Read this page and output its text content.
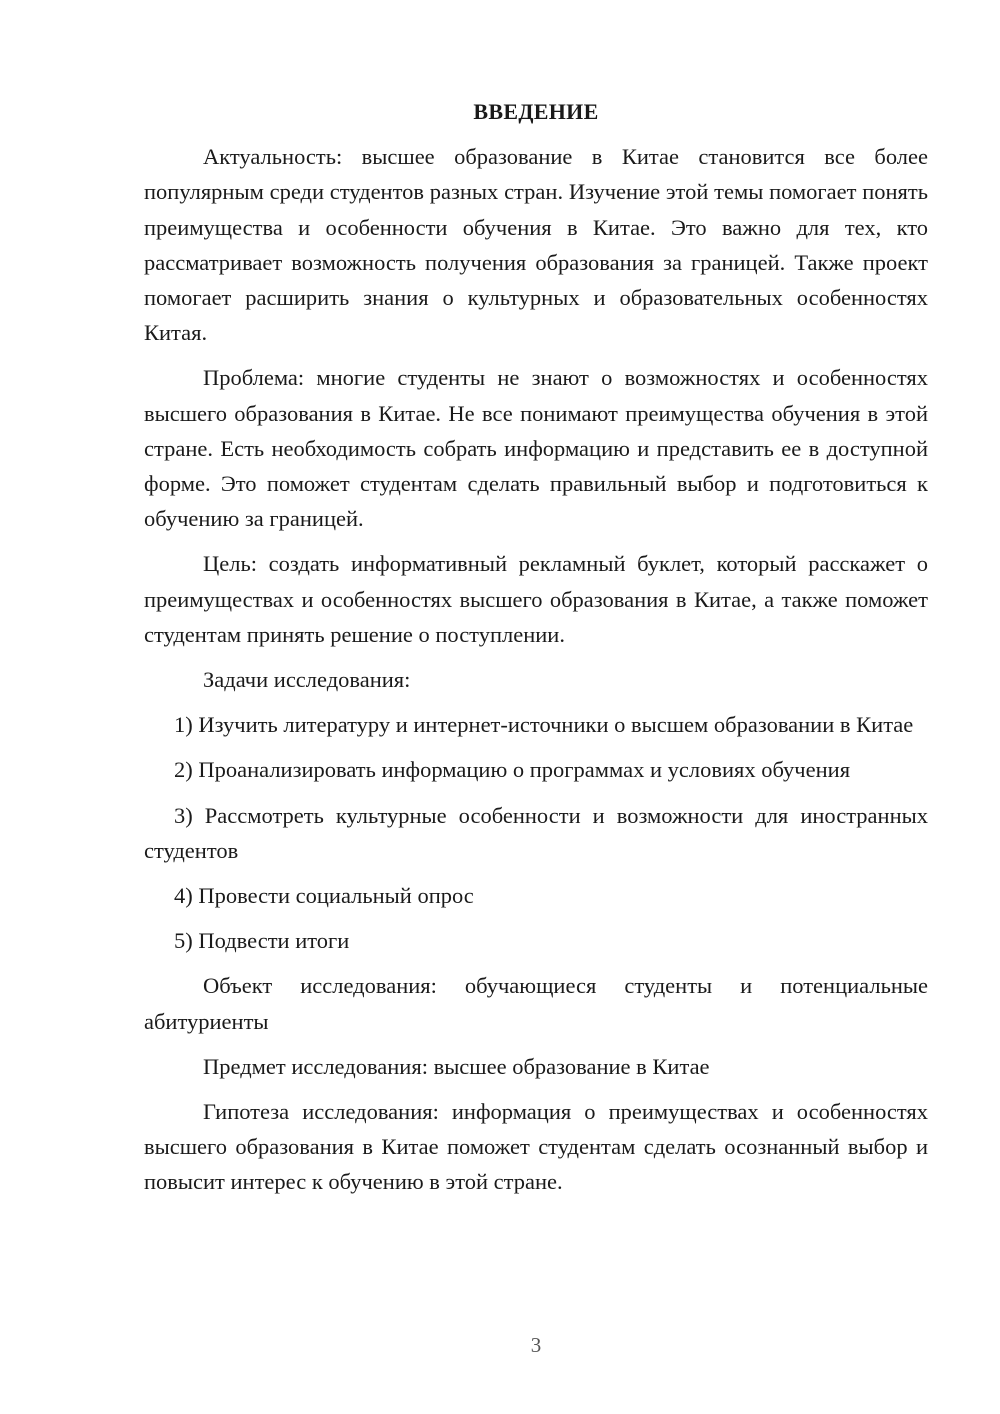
ВВЕДЕНИЕ

Актуальность: высшее образование в Китае становится все более популярным среди студентов разных стран. Изучение этой темы помогает понять преимущества и особенности обучения в Китае. Это важно для тех, кто рассматривает возможность получения образования за границей. Также проект помогает расширить знания о культурных и образовательных особенностях Китая.

Проблема: многие студенты не знают о возможностях и особенностях высшего образования в Китае. Не все понимают преимущества обучения в этой стране. Есть необходимость собрать информацию и представить ее в доступной форме. Это поможет студентам сделать правильный выбор и подготовиться к обучению за границей.

Цель: создать информативный рекламный буклет, который расскажет о преимуществах и особенностях высшего образования в Китае, а также поможет студентам принять решение о поступлении.

Задачи исследования:

1) Изучить литературу и интернет-источники о высшем образовании в Китае

2) Проанализировать информацию о программах и условиях обучения

3) Рассмотреть культурные особенности и возможности для иностранных студентов

4) Провести социальный опрос

5) Подвести итоги

Объект исследования: обучающиеся студенты и потенциальные абитуриенты

Предмет исследования: высшее образование в Китае

Гипотеза исследования: информация о преимуществах и особенностях высшего образования в Китае поможет студентам сделать осознанный выбор и повысит интерес к обучению в этой стране.

3
